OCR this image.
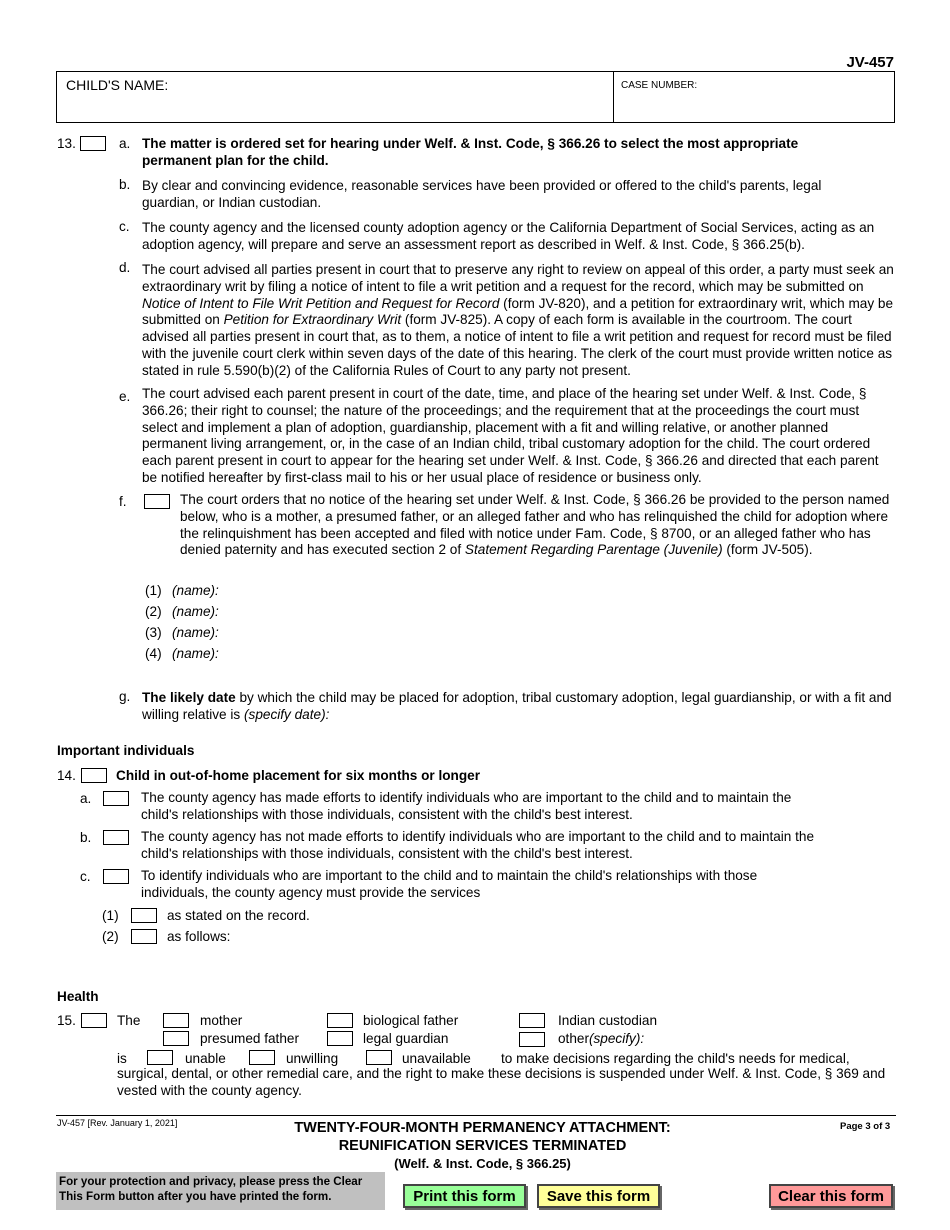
JV-457
CHILD'S NAME:	CASE NUMBER:
13.	a. The matter is ordered set for hearing under Welf. & Inst. Code, § 366.26 to select the most appropriate permanent plan for the child.
b. By clear and convincing evidence, reasonable services have been provided or offered to the child's parents, legal guardian, or Indian custodian.
c. The county agency and the licensed county adoption agency or the California Department of Social Services, acting as an adoption agency, will prepare and serve an assessment report as described in Welf. & Inst. Code, § 366.25(b).
d. The court advised all parties present in court that to preserve any right to review on appeal of this order, a party must seek an extraordinary writ by filing a notice of intent to file a writ petition and a request for the record, which may be submitted on Notice of Intent to File Writ Petition and Request for Record (form JV-820), and a petition for extraordinary writ, which may be submitted on Petition for Extraordinary Writ (form JV-825). A copy of each form is available in the courtroom. The court advised all parties present in court that, as to them, a notice of intent to file a writ petition and request for record must be filed with the juvenile court clerk within seven days of the date of this hearing. The clerk of the court must provide written notice as stated in rule 5.590(b)(2) of the California Rules of Court to any party not present.
e. The court advised each parent present in court of the date, time, and place of the hearing set under Welf. & Inst. Code, § 366.26; their right to counsel; the nature of the proceedings; and the requirement that at the proceedings the court must select and implement a plan of adoption, guardianship, placement with a fit and willing relative, or another planned permanent living arrangement, or, in the case of an Indian child, tribal customary adoption for the child. The court ordered each parent present in court to appear for the hearing set under Welf. & Inst. Code, § 366.26 and directed that each parent be notified hereafter by first-class mail to his or her usual place of residence or business only.
f.	The court orders that no notice of the hearing set under Welf. & Inst. Code, § 366.26 be provided to the person named below, who is a mother, a presumed father, or an alleged father and who has relinquished the child for adoption where the relinquishment has been accepted and filed with notice under Fam. Code, § 8700, or an alleged father who has denied paternity and has executed section 2 of Statement Regarding Parentage (Juvenile) (form JV-505).
(1) (name):
(2) (name):
(3) (name):
(4) (name):
g. The likely date by which the child may be placed for adoption, tribal customary adoption, legal guardianship, or with a fit and willing relative is (specify date):
Important individuals
14.	Child in out-of-home placement for six months or longer
a.	The county agency has made efforts to identify individuals who are important to the child and to maintain the child's relationships with those individuals, consistent with the child's best interest.
b.	The county agency has not made efforts to identify individuals who are important to the child and to maintain the child's relationships with those individuals, consistent with the child's best interest.
c.	To identify individuals who are important to the child and to maintain the child's relationships with those individuals, the county agency must provide the services
(1)	as stated on the record.
(2)	as follows:
Health
15.	The	mother	biological father	Indian custodian
presumed father	legal guardian	other(specify):
is	unable	unwilling	unavailable to make decisions regarding the child's needs for medical,
surgical, dental, or other remedial care, and the right to make these decisions is suspended under Welf. & Inst. Code, § 369 and vested with the county agency.
JV-457 [Rev. January 1, 2021]	Page 3 of 3
TWENTY-FOUR-MONTH PERMANENCY ATTACHMENT:
REUNIFICATION SERVICES TERMINATED
(Welf. & Inst. Code, § 366.25)
For your protection and privacy, please press the Clear This Form button after you have printed the form.	Print this form	Save this form	Clear this form
